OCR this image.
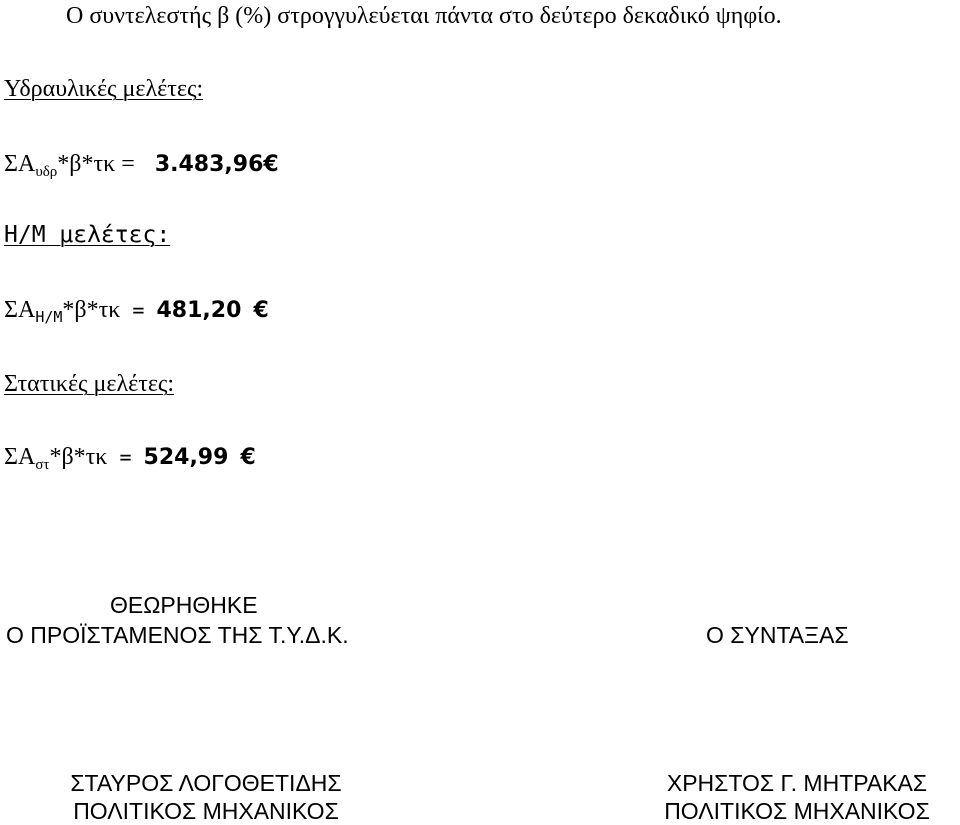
Ο συντελεστής β (%) στρογγυλεύεται πάντα στο δεύτερο δεκαδικό ψηφίο.
Υδραυλικές μελέτες:
$\Sigma A_{\upsilon\delta\rho}*\beta*\tau\kappa$ = 3.483,96€
Η/Μ μελέτες:
$\Sigma A_{H/M}*\beta*\tau\kappa = 481,20$ €
Στατικές μελέτες:
$\Sigma A_{\sigma\tau}*\beta*\tau\kappa = 524,99$ €
ΘΕΩΡΗΘΗΚΕ
Ο ΠΡΟΪΣΤΑΜΕΝΟΣ ΤΗΣ Τ.Υ.Δ.Κ.	Ο ΣΥΝΤΑΞΑΣ
ΣΤΑΥΡΟΣ ΛΟΓΟΘΕΤΙΔΗΣ
ΠΟΛΙΤΙΚΟΣ ΜΗΧΑΝΙΚΟΣ
ΧΡΗΣΤΟΣ Γ. ΜΗΤΡΑΚΑΣ
ΠΟΛΙΤΙΚΟΣ ΜΗΧΑΝΙΚΟΣ
